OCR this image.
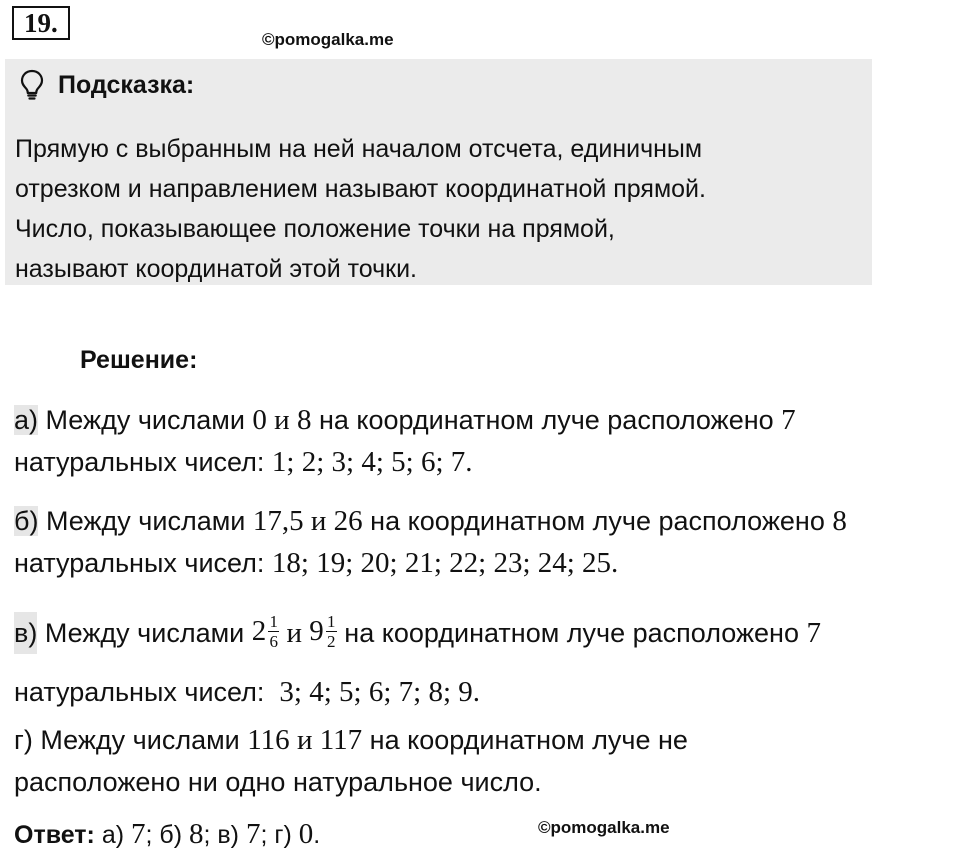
19.
©pomogalka.me
Подсказка:
Прямую с выбранным на ней началом отсчета, единичным
отрезком и направлением называют координатной прямой.
Число, показывающее положение точки на прямой,
называют координатой этой точки.
Решение:
а) Между числами 0 и 8 на координатном луче расположено 7
натуральных чисел: 1; 2; 3; 4; 5; 6; 7.
б) Между числами 17,5 и 26 на координатном луче расположено 8
натуральных чисел: 18; 19; 20; 21; 22; 23; 24; 25.
в) Между числами $2 \frac{1}{6}$ и $9 \frac{1}{2}$ на координатном луче расположено 7
натуральных чисел:  3; 4; 5; 6; 7; 8; 9.
г) Между числами 116 и 117 на координатном луче не
расположено ни одно натуральное число.
Ответ: а) 7; б) 8; в) 7; г) 0.	©pomogalka.me
